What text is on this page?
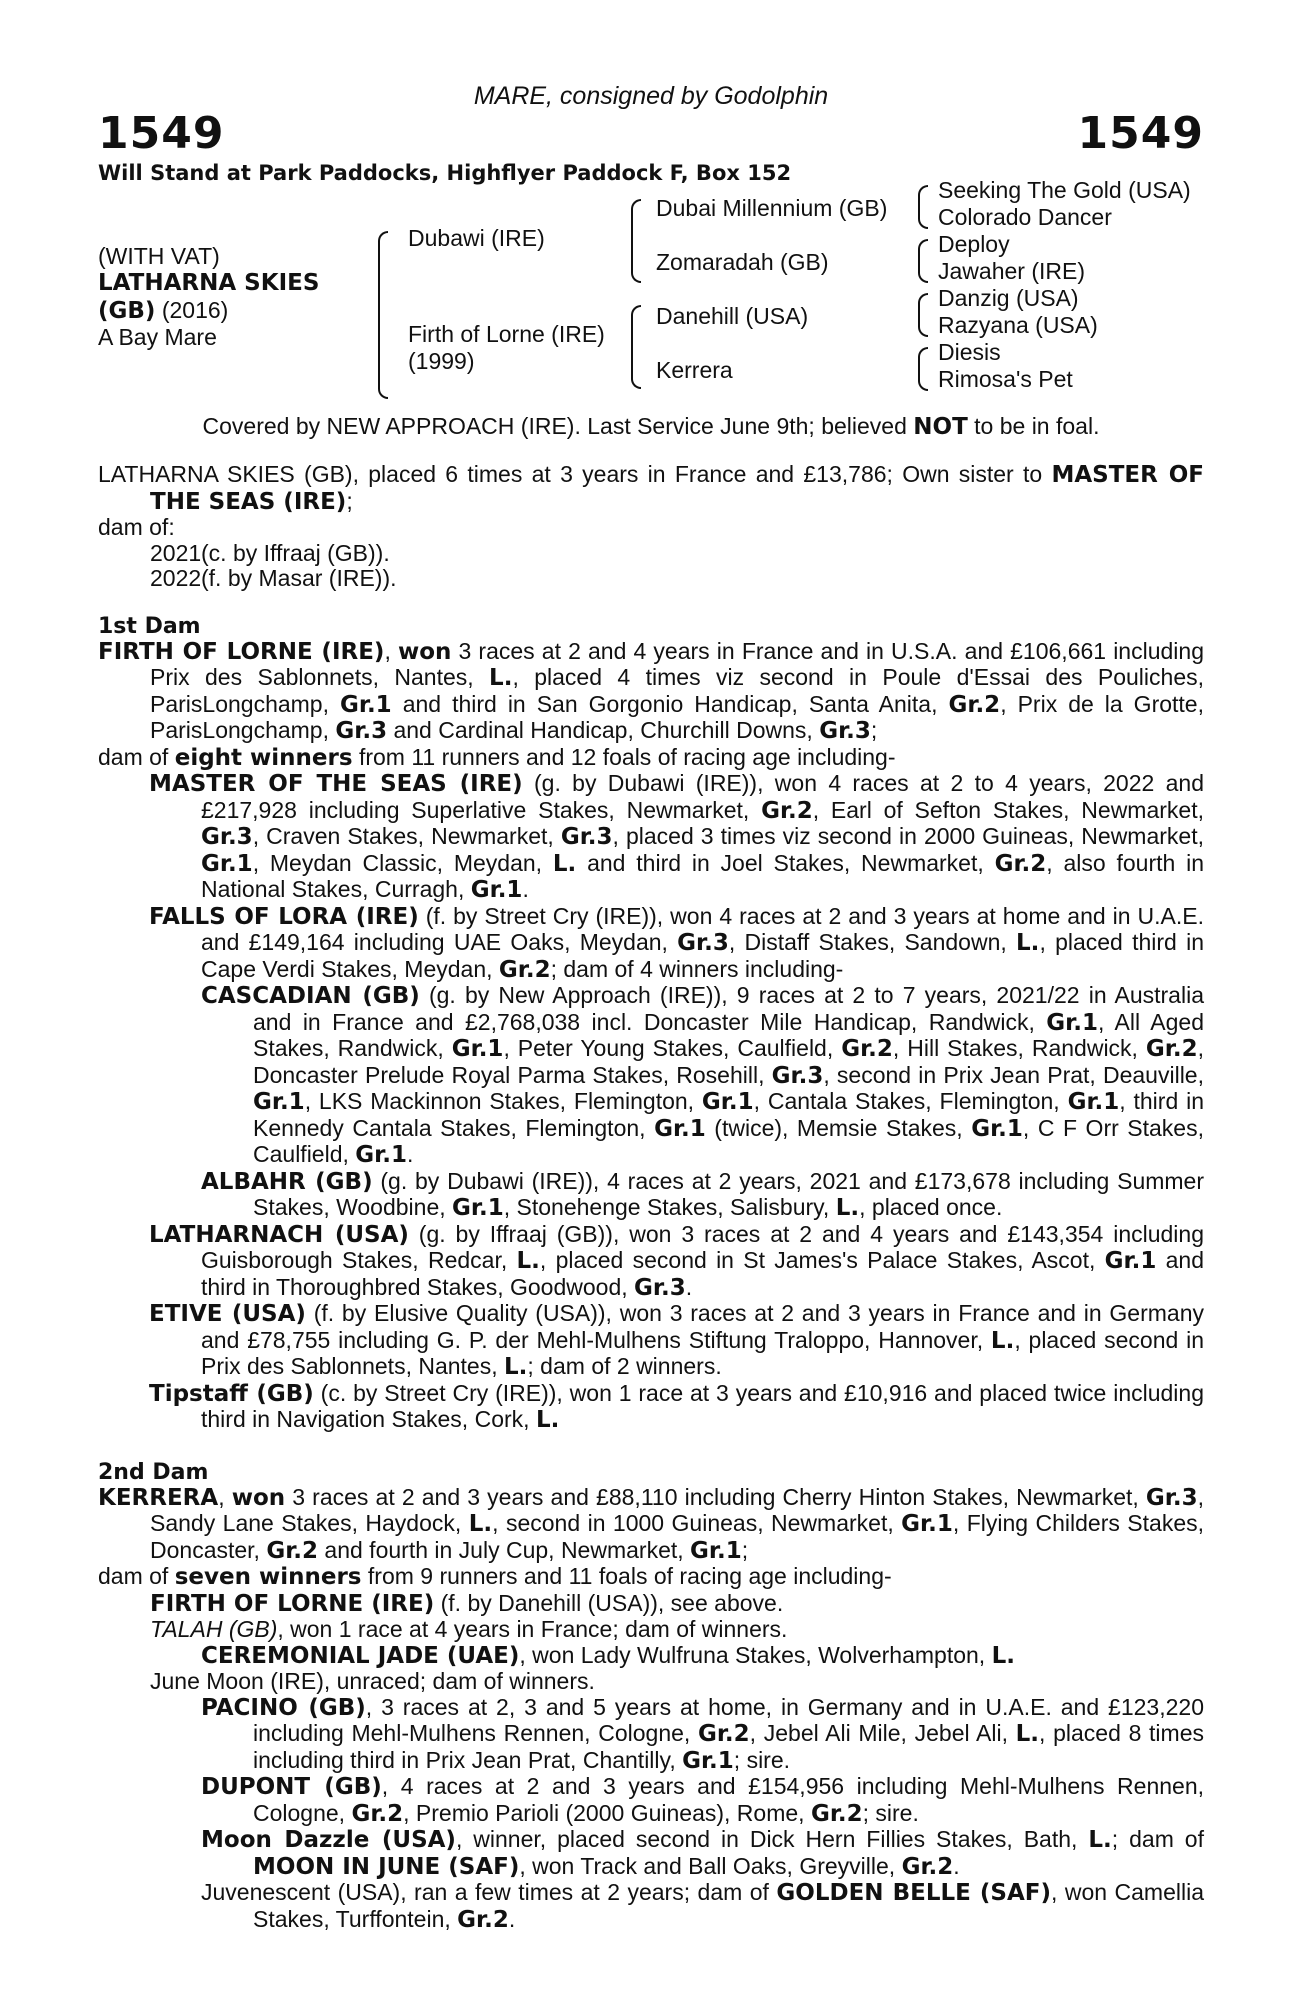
MARE, consigned by Godolphin
1549	1549
Will Stand at Park Paddocks, Highflyer Paddock F, Box 152
(WITH VAT)
LATHARNA SKIES
(GB) (2016)
A Bay Mare
Dubawi (IRE)
Firth of Lorne (IRE)
(1999)
Dubai Millennium (GB)
Zomaradah (GB)
Danehill (USA)
Kerrera
Seeking The Gold (USA)
Colorado Dancer
Deploy
Jawaher (IRE)
Danzig (USA)
Razyana (USA)
Diesis
Rimosa's Pet
Covered by NEW APPROACH (IRE). Last Service June 9th; believed NOT to be in foal.

LATHARNA SKIES (GB), placed 6 times at 3 years in France and £13,786; Own sister to MASTER OF THE SEAS (IRE);

dam of:

2021 (c. by Iffraaj (GB)).
2022 (f. by Masar (IRE)).
1st Dam

FIRTH OF LORNE (IRE), won 3 races at 2 and 4 years in France and in U.S.A. and £106,661 including Prix des Sablonnets, Nantes, L., placed 4 times viz second in Poule d'Essai des Pouliches, ParisLongchamp, Gr.1 and third in San Gorgonio Handicap, Santa Anita, Gr.2, Prix de la Grotte, ParisLongchamp, Gr.3 and Cardinal Handicap, Churchill Downs, Gr.3;

dam of eight winners from 11 runners and 12 foals of racing age including-

MASTER OF THE SEAS (IRE) (g. by Dubawi (IRE)), won 4 races at 2 to 4 years, 2022 and £217,928 including Superlative Stakes, Newmarket, Gr.2, Earl of Sefton Stakes, Newmarket, Gr.3, Craven Stakes, Newmarket, Gr.3, placed 3 times viz second in 2000 Guineas, Newmarket, Gr.1, Meydan Classic, Meydan, L. and third in Joel Stakes, Newmarket, Gr.2, also fourth in National Stakes, Curragh, Gr.1.

FALLS OF LORA (IRE) (f. by Street Cry (IRE)), won 4 races at 2 and 3 years at home and in U.A.E. and £149,164 including UAE Oaks, Meydan, Gr.3, Distaff Stakes, Sandown, L., placed third in Cape Verdi Stakes, Meydan, Gr.2; dam of 4 winners including-

CASCADIAN (GB) (g. by New Approach (IRE)), 9 races at 2 to 7 years, 2021/22 in Australia and in France and £2,768,038 incl. Doncaster Mile Handicap, Randwick, Gr.1, All Aged Stakes, Randwick, Gr.1, Peter Young Stakes, Caulfield, Gr.2, Hill Stakes, Randwick, Gr.2, Doncaster Prelude Royal Parma Stakes, Rosehill, Gr.3, second in Prix Jean Prat, Deauville, Gr.1, LKS Mackinnon Stakes, Flemington, Gr.1, Cantala Stakes, Flemington, Gr.1, third in Kennedy Cantala Stakes, Flemington, Gr.1 (twice), Memsie Stakes, Gr.1, C F Orr Stakes, Caulfield, Gr.1.

ALBAHR (GB) (g. by Dubawi (IRE)), 4 races at 2 years, 2021 and £173,678 including Summer Stakes, Woodbine, Gr.1, Stonehenge Stakes, Salisbury, L., placed once.

LATHARNACH (USA) (g. by Iffraaj (GB)), won 3 races at 2 and 4 years and £143,354 including Guisborough Stakes, Redcar, L., placed second in St James's Palace Stakes, Ascot, Gr.1 and third in Thoroughbred Stakes, Goodwood, Gr.3.

ETIVE (USA) (f. by Elusive Quality (USA)), won 3 races at 2 and 3 years in France and in Germany and £78,755 including G. P. der Mehl-Mulhens Stiftung Traloppo, Hannover, L., placed second in Prix des Sablonnets, Nantes, L.; dam of 2 winners.

Tipstaff (GB) (c. by Street Cry (IRE)), won 1 race at 3 years and £10,916 and placed twice including third in Navigation Stakes, Cork, L.

2nd Dam

KERRERA, won 3 races at 2 and 3 years and £88,110 including Cherry Hinton Stakes, Newmarket, Gr.3, Sandy Lane Stakes, Haydock, L., second in 1000 Guineas, Newmarket, Gr.1, Flying Childers Stakes, Doncaster, Gr.2 and fourth in July Cup, Newmarket, Gr.1;

dam of seven winners from 9 runners and 11 foals of racing age including-

FIRTH OF LORNE (IRE) (f. by Danehill (USA)), see above.

TALAH (GB), won 1 race at 4 years in France; dam of winners.

CEREMONIAL JADE (UAE), won Lady Wulfruna Stakes, Wolverhampton, L.

June Moon (IRE), unraced; dam of winners.

PACINO (GB), 3 races at 2, 3 and 5 years at home, in Germany and in U.A.E. and £123,220 including Mehl-Mulhens Rennen, Cologne, Gr.2, Jebel Ali Mile, Jebel Ali, L., placed 8 times including third in Prix Jean Prat, Chantilly, Gr.1; sire.

DUPONT (GB), 4 races at 2 and 3 years and £154,956 including Mehl-Mulhens Rennen, Cologne, Gr.2, Premio Parioli (2000 Guineas), Rome, Gr.2; sire.

Moon Dazzle (USA), winner, placed second in Dick Hern Fillies Stakes, Bath, L.; dam of MOON IN JUNE (SAF), won Track and Ball Oaks, Greyville, Gr.2.

Juvenescent (USA), ran a few times at 2 years; dam of GOLDEN BELLE (SAF), won Camellia Stakes, Turffontein, Gr.2.
